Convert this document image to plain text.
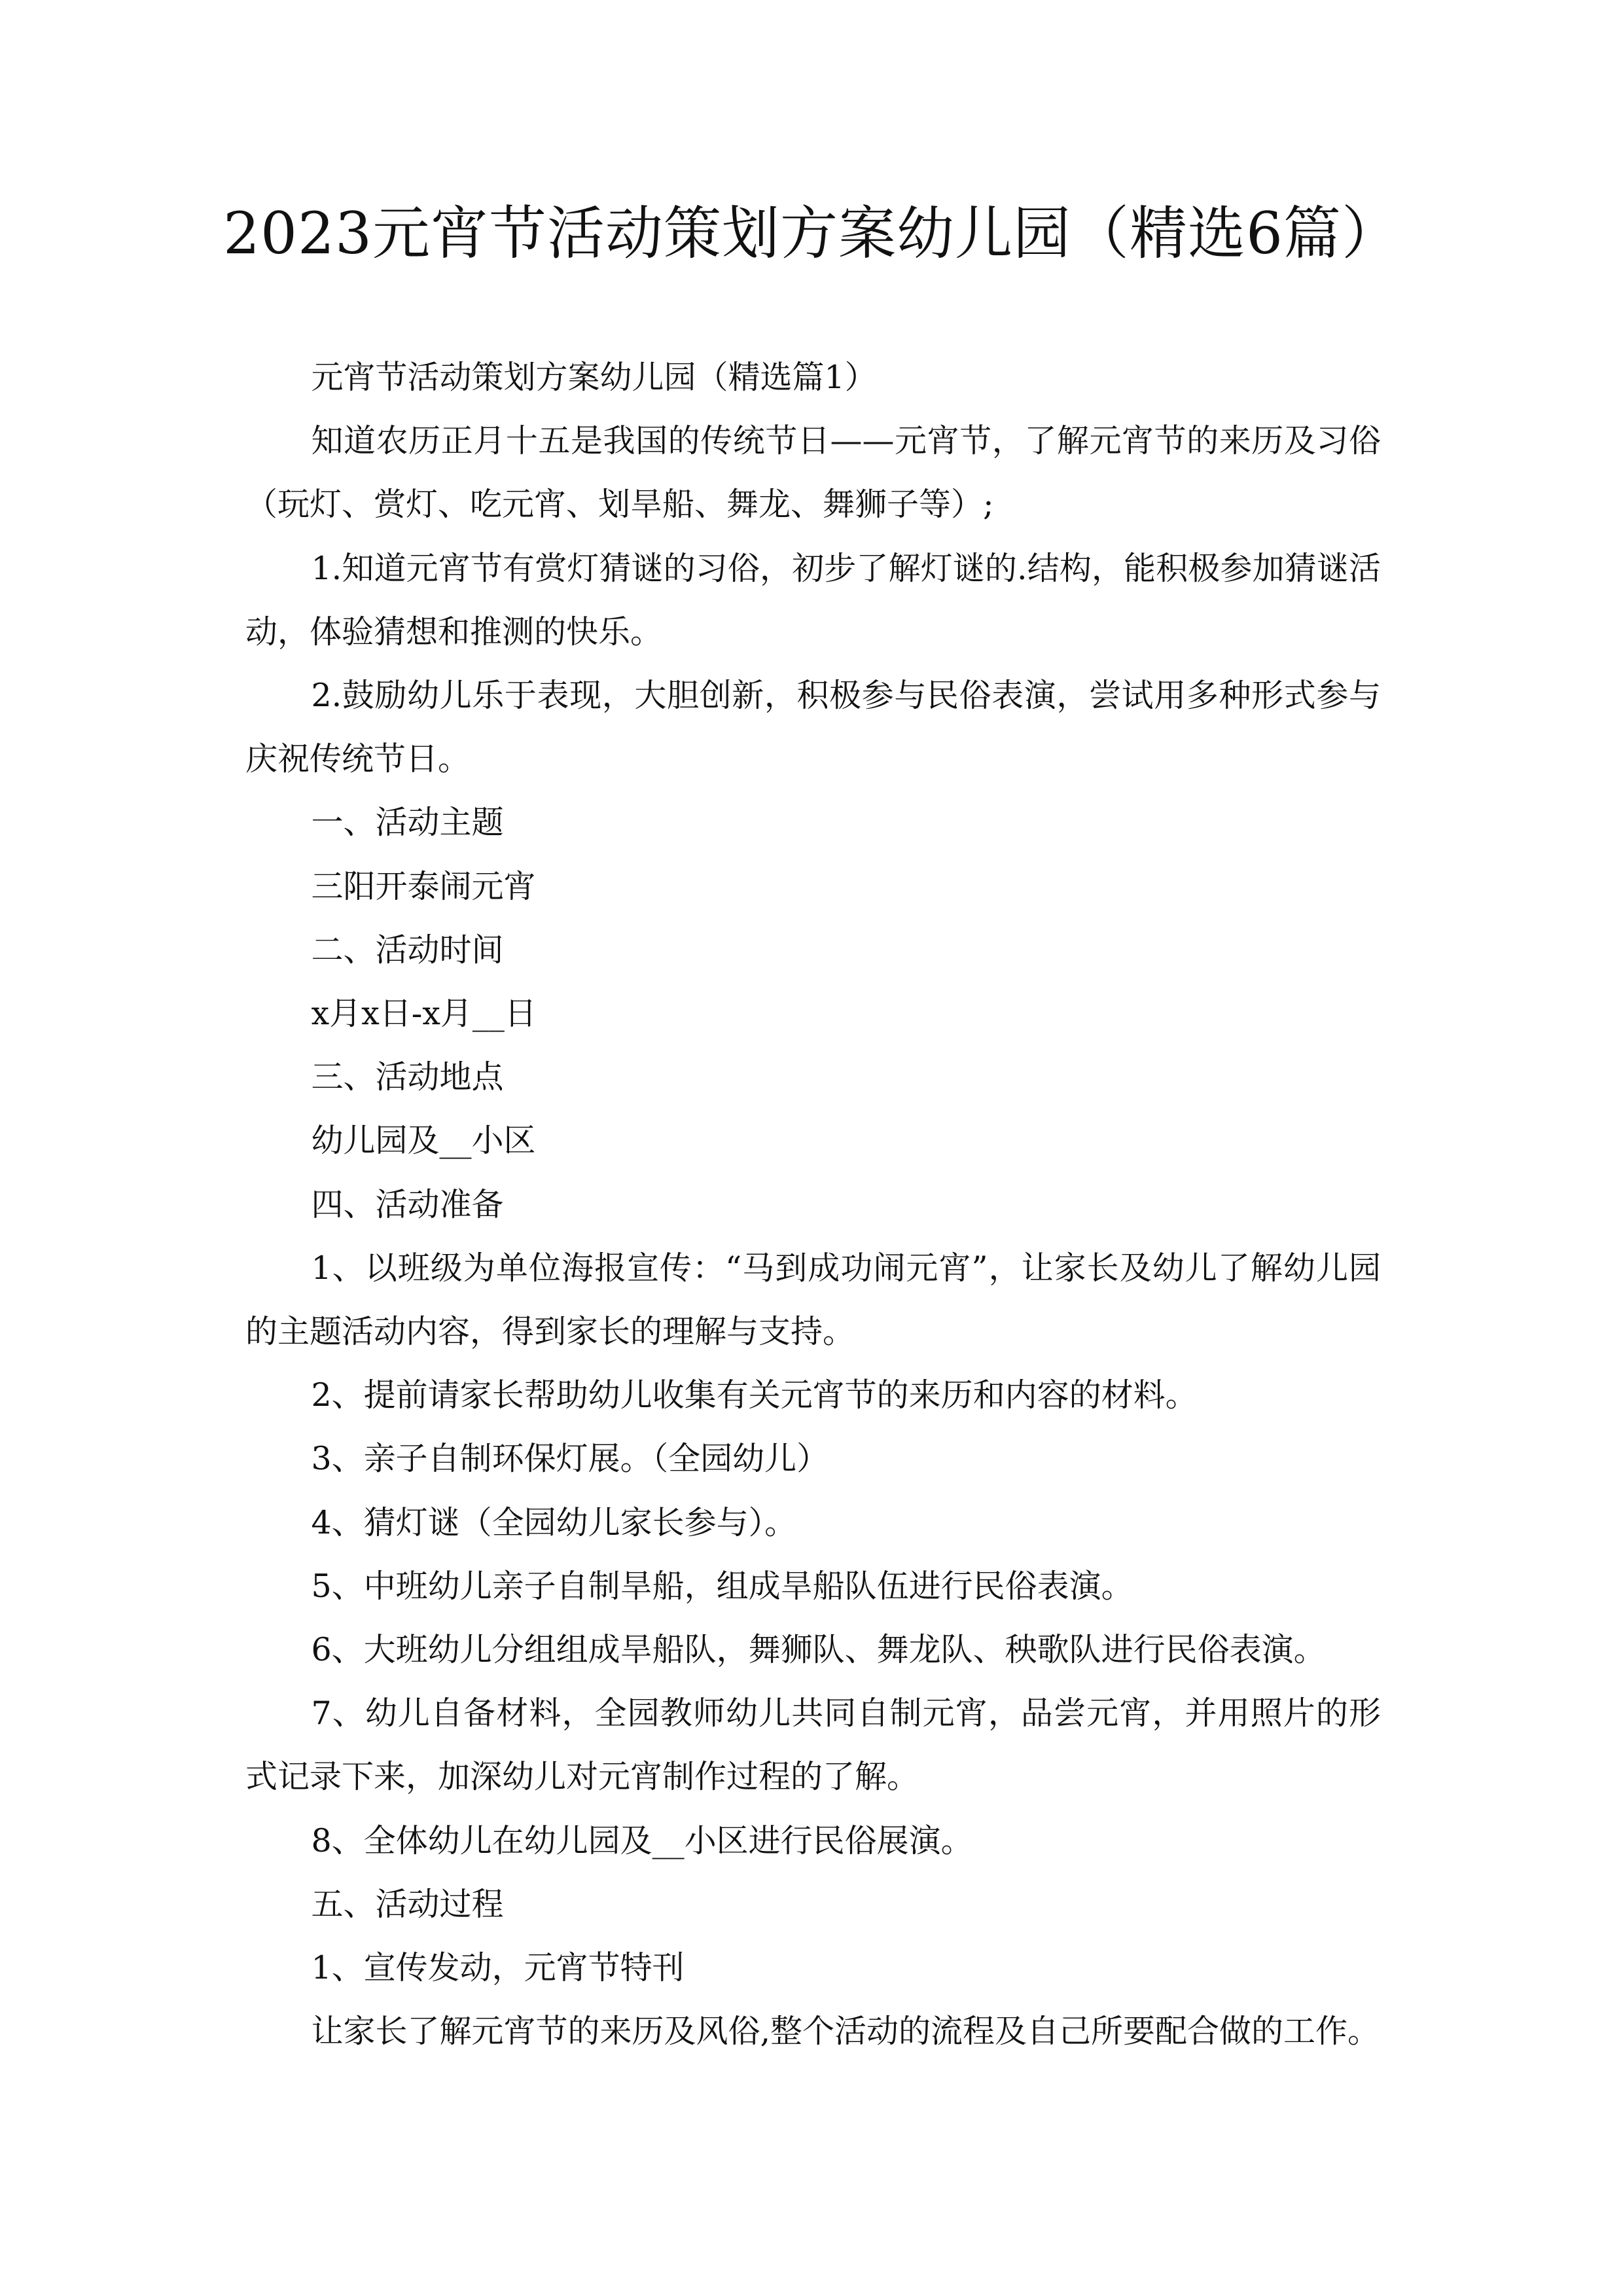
2023元宵节活动策划方案幼儿园（精选6篇）

元宵节活动策划方案幼儿园（精选篇1）

知道农历正月十五是我国的传统节日——元宵节，了解元宵节的来历及习俗（玩灯、赏灯、吃元宵、划旱船、舞龙、舞狮子等）;

1.知道元宵节有赏灯猜谜的习俗，初步了解灯谜的.结构，能积极参加猜谜活动，体验猜想和推测的快乐。

2.鼓励幼儿乐于表现，大胆创新，积极参与民俗表演，尝试用多种形式参与庆祝传统节日。

一、活动主题

三阳开泰闹元宵

二、活动时间

x月x日-x月__日

三、活动地点

幼儿园及__小区

四、活动准备

1、以班级为单位海报宣传：“马到成功闹元宵”，让家长及幼儿了解幼儿园的主题活动内容，得到家长的理解与支持。

2、提前请家长帮助幼儿收集有关元宵节的来历和内容的材料。

3、亲子自制环保灯展。（全园幼儿）

4、猜灯谜（全园幼儿家长参与）。

5、中班幼儿亲子自制旱船，组成旱船队伍进行民俗表演。

6、大班幼儿分组组成旱船队，舞狮队、舞龙队、秧歌队进行民俗表演。

7、幼儿自备材料，全园教师幼儿共同自制元宵，品尝元宵，并用照片的形式记录下来，加深幼儿对元宵制作过程的了解。

8、全体幼儿在幼儿园及__小区进行民俗展演。

五、活动过程

1、宣传发动，元宵节特刊

让家长了解元宵节的来历及风俗,整个活动的流程及自己所要配合做的工作。
